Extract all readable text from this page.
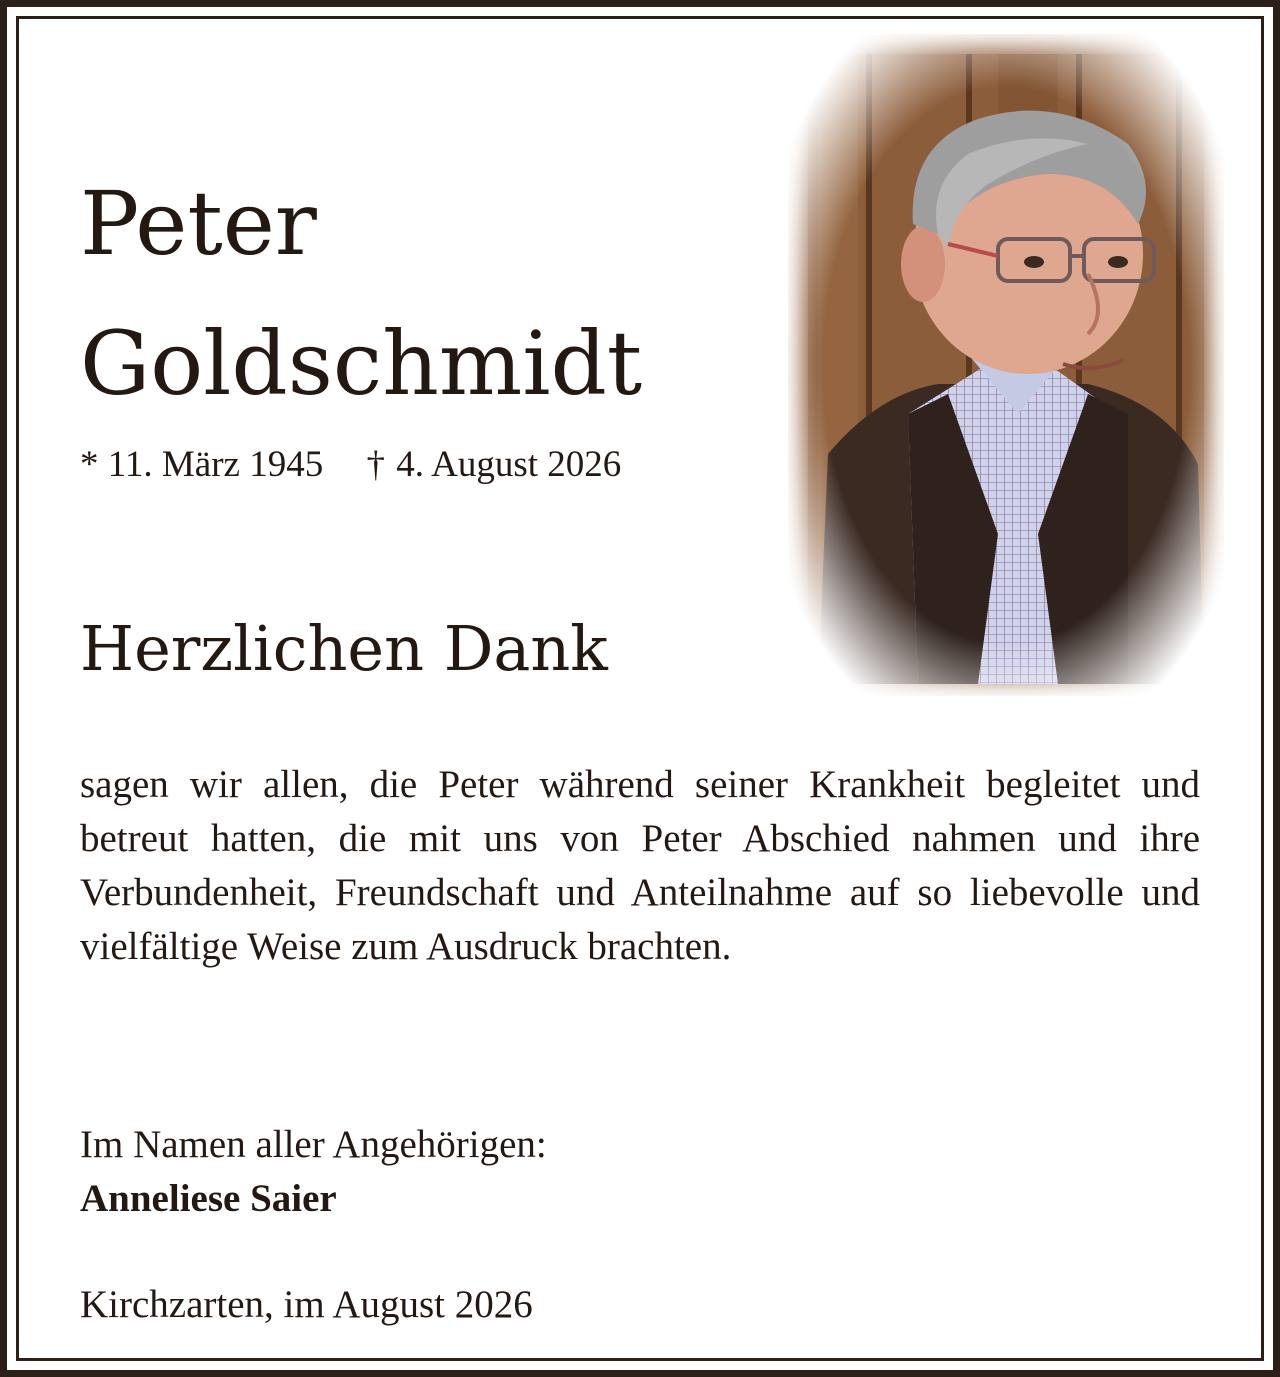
Peter
Goldschmidt
* 11. März 1945 † 4. August 2026
Herzlichen Dank
sagen wir allen, die Peter während seiner Krankheit begleitet und betreut hatten, die mit uns von Peter Abschied nahmen und ihre Verbundenheit, Freundschaft und Anteilnahme auf so liebevolle und vielfältige Weise zum Ausdruck brachten.
Im Namen aller Angehörigen:
Anneliese Saier
Kirchzarten, im August 2026
